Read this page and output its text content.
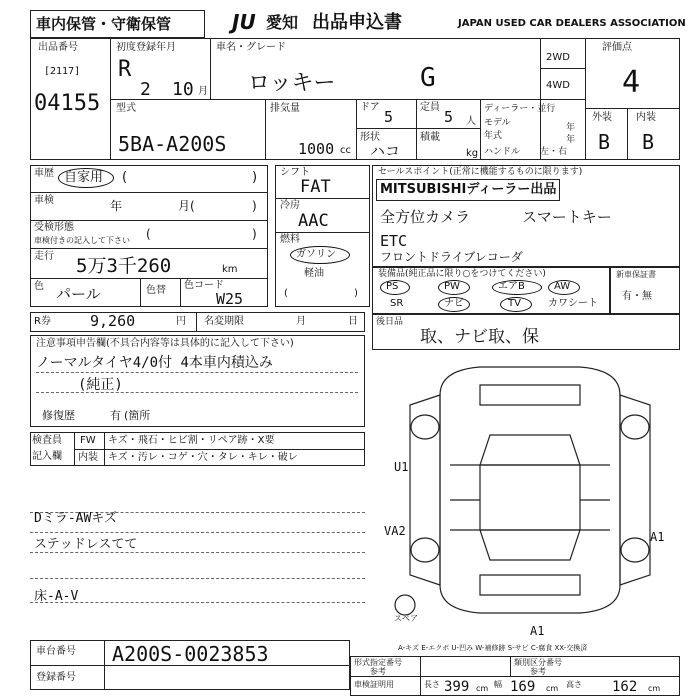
車内保管・守衛保管	JU 愛知 出品申込書	JAPAN USED CAR DEALERS ASSOCIATION
出品番号
[2117]
04155
初度登録年月
R
2 10 月
車名・グレード
ロッキー	G
2WD
4WD
評価点
4
型式
5BA-A200S
排気量
1000 cc
ドア
5
形状
ハコ
定員
5 人
積載
kg
ディーラー・並行
モデル	年
年式	年
ハンドル 左・右
外装 内装
B B
車歴 自家用 (	)
車検	年	月(	)
受検形態
車検付きの記入して下さい (	)
走行 5万3千260	km
色 パール	色替 色コード
W25
シフト
FAT
冷房
AAC
燃料
ガソリン
軽油
(	)
セールスポイント(正常に機能するものに限ります)
MITSUBISHIディーラー出品
全方位カメラ	スマートキー
ETC
フロントドライブレコーダ
装備品(純正品に限り○をつけてください)
PS	PW	エアB	AW
SR	ナビ	TV	カワシート
新車保証書
有・無
R券	9,260	円 名変期限	月	日 後日品
取、ナビ取、保
注意事項申告欄(不具合内容等は具体的に記入して下さい)
ノーマルタイヤ4/0付 4本車内積込み
(純正)
修復歴	有 (箇所
検査員
記入欄
FW キズ・飛石・ヒビ割・リペア跡・X要
内装 キズ・汚レ・コゲ・穴・タレ・キレ・破レ
Dミラ-AWキズ
ステッドレスてて
床-A-V
U1
VA2	A1
A1
スペア
A-キズ E-エクボ U-凹み W-補修跡 S-サビ C-腐食 XX-交換済
車台番号 A200S-0023853
登録番号
形式指定番号
参考
類別区分番号
参考
車検証明用	長さ 399 cm 幅 169 cm 高さ 162 cm
